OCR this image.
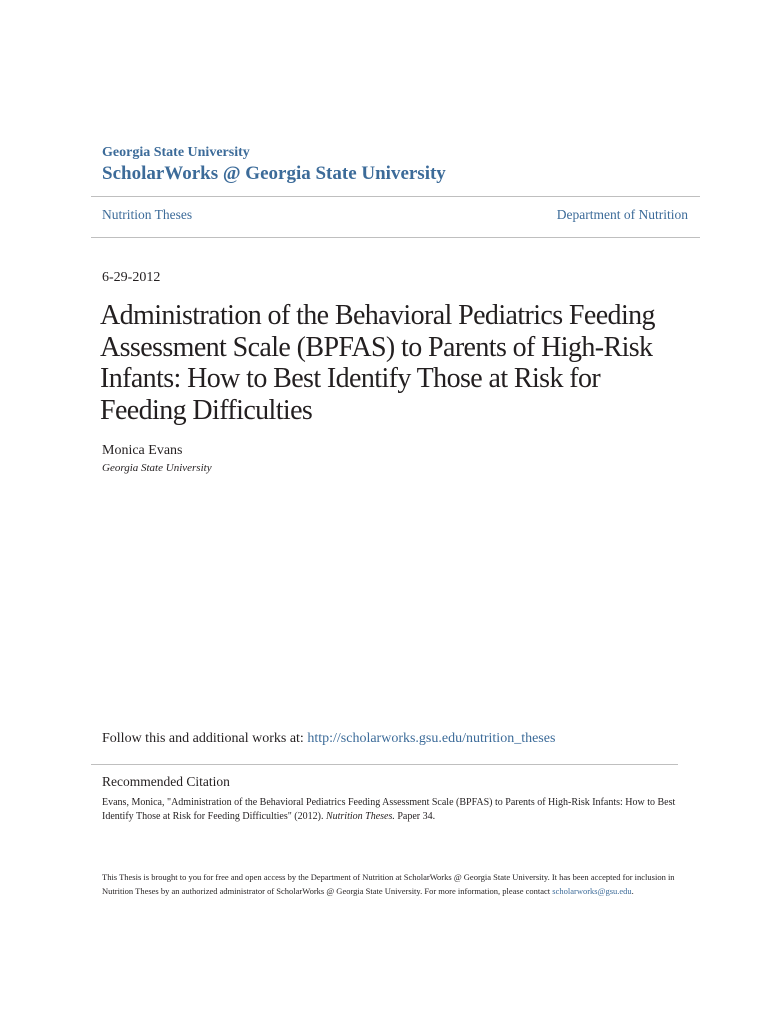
Georgia State University
ScholarWorks @ Georgia State University
Nutrition Theses	Department of Nutrition
6-29-2012
Administration of the Behavioral Pediatrics Feeding Assessment Scale (BPFAS) to Parents of High-Risk Infants: How to Best Identify Those at Risk for Feeding Difficulties
Monica Evans
Georgia State University
Follow this and additional works at: http://scholarworks.gsu.edu/nutrition_theses
Recommended Citation
Evans, Monica, "Administration of the Behavioral Pediatrics Feeding Assessment Scale (BPFAS) to Parents of High-Risk Infants: How to Best Identify Those at Risk for Feeding Difficulties" (2012). Nutrition Theses. Paper 34.
This Thesis is brought to you for free and open access by the Department of Nutrition at ScholarWorks @ Georgia State University. It has been accepted for inclusion in Nutrition Theses by an authorized administrator of ScholarWorks @ Georgia State University. For more information, please contact scholarworks@gsu.edu.
